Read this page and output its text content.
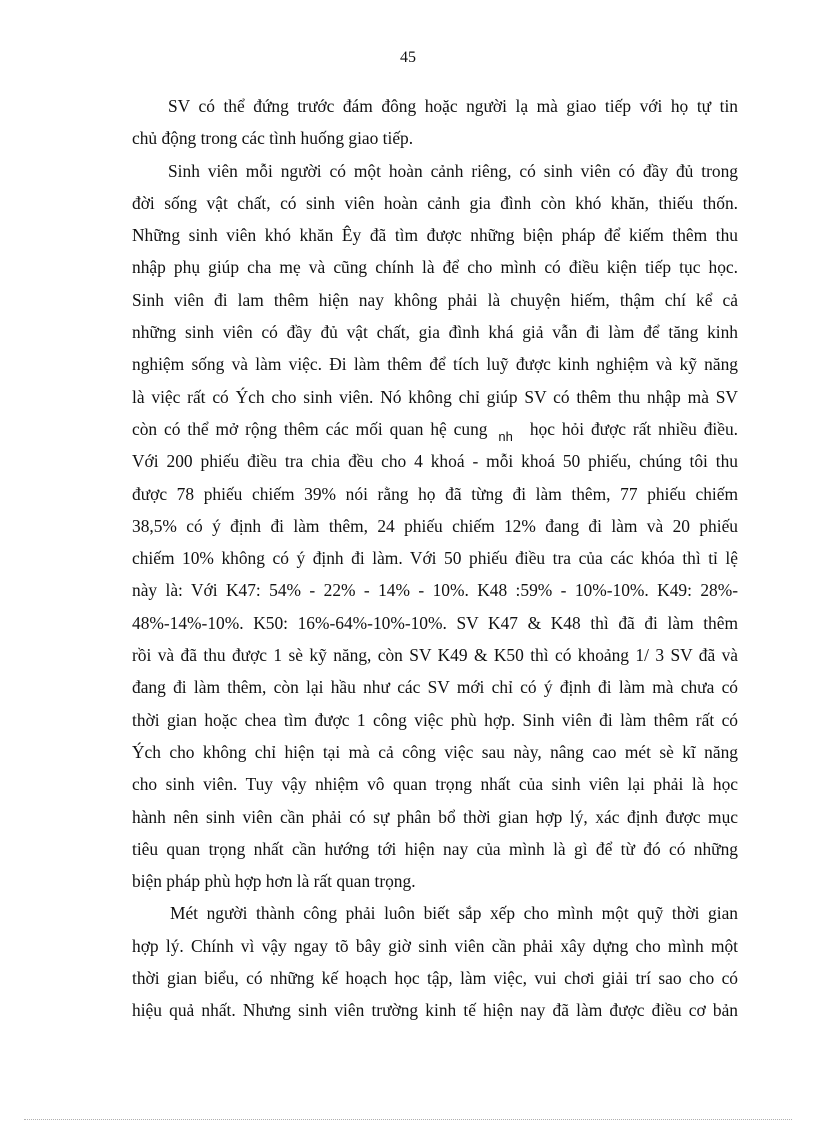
45
SV có thể đứng trước đám đông hoặc người lạ mà giao tiếp với họ tự tin
chủ động trong các tình huống giao tiếp.
Sinh viên mỗi người có một hoàn cảnh riêng, có sinh viên có đầy đủ trong
đời sống vật chất, có sinh viên hoàn cảnh gia đình còn khó khăn, thiếu thốn.
Những sinh viên khó khăn Êy đã tìm được những biện pháp để kiếm thêm thu
nhập phụ giúp cha mẹ và cũng chính là để cho mình có điều kiện tiếp tục học.
Sinh viên đi lam thêm hiện nay không phải là chuyện hiếm, thậm chí kể cả
những sinh viên có đầy đủ vật chất, gia đình khá giả vẫn đi làm để tăng kinh
nghiệm sống và làm việc. Đi làm thêm để tích luỹ được kinh nghiệm và kỹ năng
là việc rất có Ých cho sinh viên. Nó không chỉ giúp SV có thêm thu nhập mà SV
còn có thể mở rộng thêm các mối quan hệ cung nh học hỏi được rất nhiều điều.
Với 200 phiếu điều tra chia đều cho 4 khoá - mỗi khoá 50 phiếu, chúng tôi thu
được 78 phiếu chiếm 39% nói rằng họ đã từng đi làm thêm, 77 phiếu chiếm
38,5% có ý định đi làm thêm, 24 phiếu chiếm 12% đang đi làm và 20 phiếu
chiếm 10% không có ý định đi làm. Với 50 phiếu điều tra của các khóa thì tỉ lệ
này là: Với K47: 54% - 22% - 14% - 10%. K48 :59% - 10%-10%. K49: 28%-
48%-14%-10%. K50: 16%-64%-10%-10%. SV K47 & K48 thì đã đi làm thêm
rồi và đã thu được 1 sè kỹ năng, còn SV K49 & K50 thì có khoảng 1/ 3 SV đã và
đang đi làm thêm, còn lại hầu như các SV mới chỉ có ý định đi làm mà chưa có
thời gian hoặc chea tìm được 1 công việc phù hợp. Sinh viên đi làm thêm rất có
Ých cho không chỉ hiện tại mà cả công việc sau này, nâng cao mét sè kĩ năng
cho sinh viên. Tuy vậy nhiệm vô quan trọng nhất của sinh viên lại phải là học
hành nên sinh viên cần phải có sự phân bổ thời gian hợp lý, xác định được mục
tiêu quan trọng nhất cần hướng tới hiện nay của mình là gì để từ đó có những
biện pháp phù hợp hơn là rất quan trọng.
Mét người thành công phải luôn biết sắp xếp cho mình một quỹ thời gian
hợp lý. Chính vì vậy ngay tõ bây giờ sinh viên cần phải xây dựng cho mình một
thời gian biểu, có những kế hoạch học tập, làm việc, vui chơi giải trí sao cho có
hiệu quả nhất. Nhưng sinh viên trường kinh tế hiện nay đã làm được điều cơ bản
